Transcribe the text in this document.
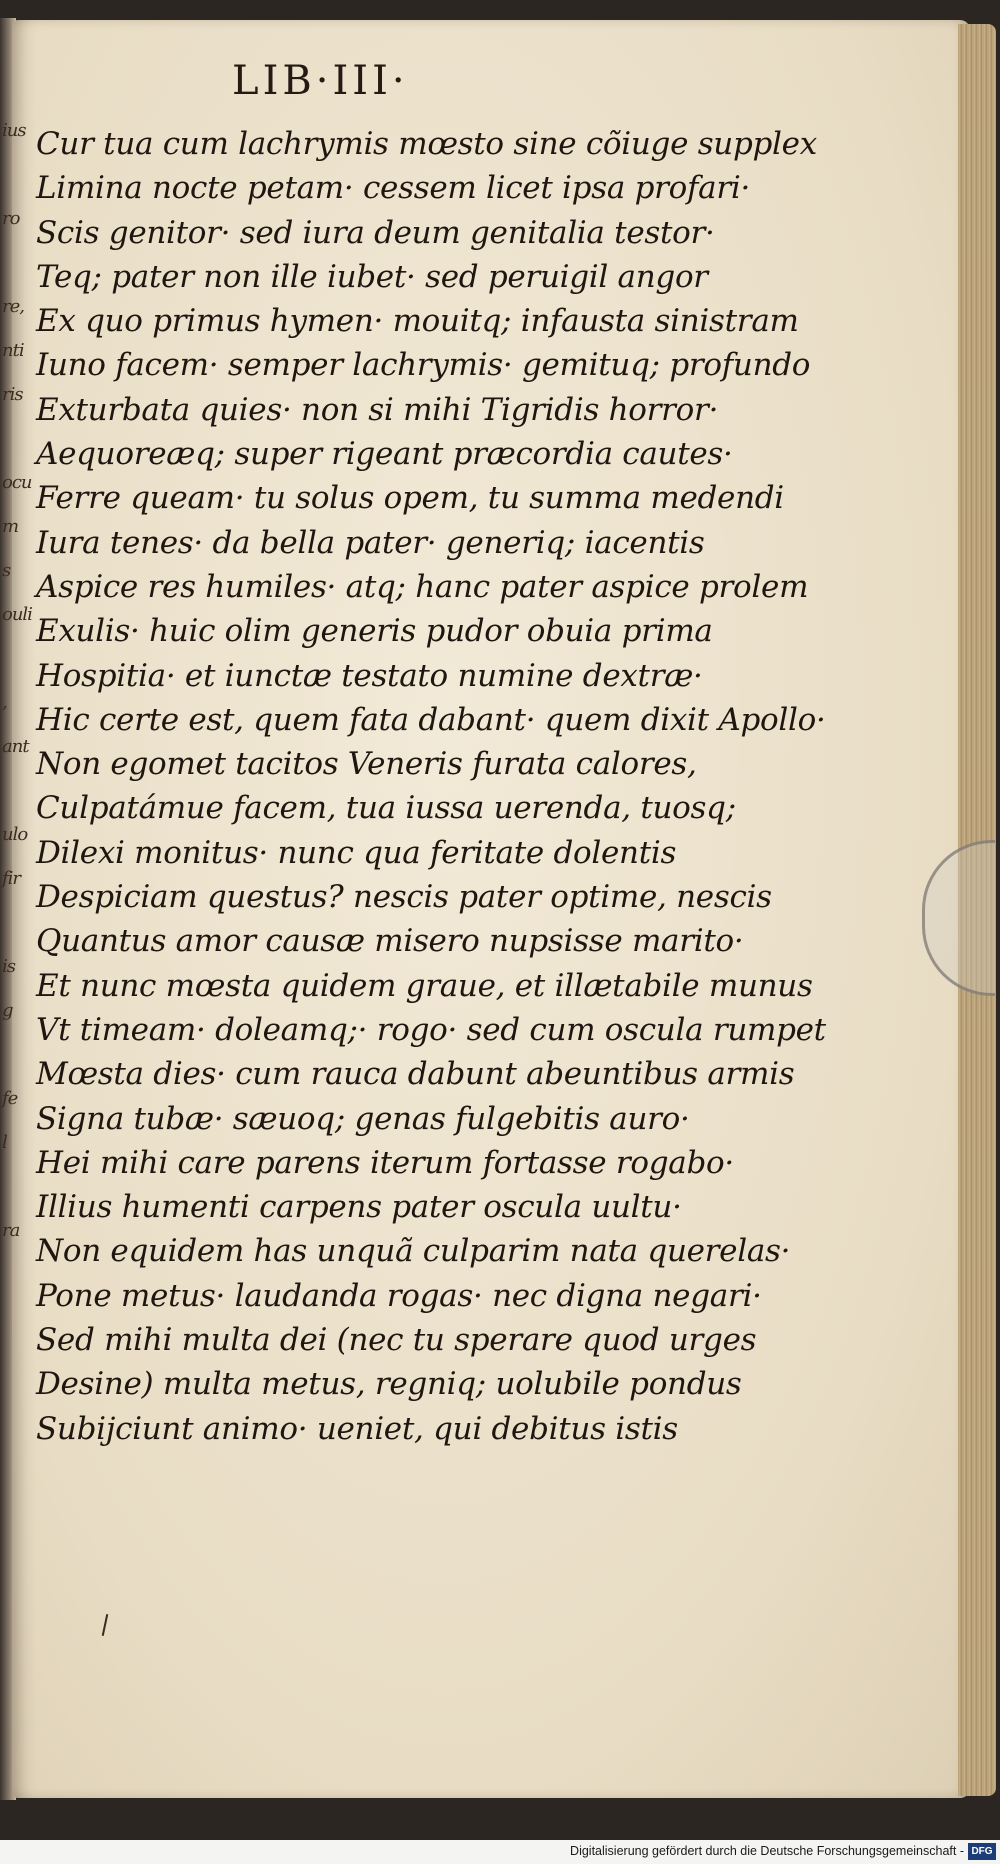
ius
ro
re,
nti
ris
ocu
m
s
ouli
,
ant
ulo
fir
is
g
fe
l
ra
LIB·III·
Cur tua cum lachrymis mœsto sine cõiuge supplex
Limina nocte petam· cessem licet ipsa profari·
Scis genitor· sed iura deum genitalia testor·
Teq; pater non ille iubet· sed peruigil angor
Ex quo primus hymen· mouitq; infausta sinistram
Iuno facem· semper lachrymis· gemituq; profundo
Exturbata quies· non si mihi Tigridis horror·
Aequoreæq; super rigeant præcordia cautes·
Ferre queam· tu solus opem, tu summa medendi
Iura tenes· da bella pater· generiq; iacentis
Aspice res humiles· atq; hanc pater aspice prolem
Exulis· huic olim generis pudor obuia prima
Hospitia· et iunctæ testato numine dextræ·
Hic certe est, quem fata dabant· quem dixit Apollo·
Non egomet tacitos Veneris furata calores,
Culpatámue facem, tua iussa uerenda, tuosq;
Dilexi monitus· nunc qua feritate dolentis
Despiciam questus? nescis pater optime, nescis
Quantus amor causæ misero nupsisse marito·
Et nunc mœsta quidem graue, et illætabile munus
Vt timeam· doleamq;· rogo· sed cum oscula rumpet
Mœsta dies· cum rauca dabunt abeuntibus armis
Signa tubæ· sæuoq; genas fulgebitis auro·
Hei mihi care parens iterum fortasse rogabo·
Illius humenti carpens pater oscula uultu·
Non equidem has unquã culparim nata querelas·
Pone metus· laudanda rogas· nec digna negari·
Sed mihi multa dei (nec tu sperare quod urges
Desine) multa metus, regniq; uolubile pondus
Subijciunt animo· ueniet, qui debitus istis
Digitalisierung gefördert durch die Deutsche Forschungsgemeinschaft - DFG
